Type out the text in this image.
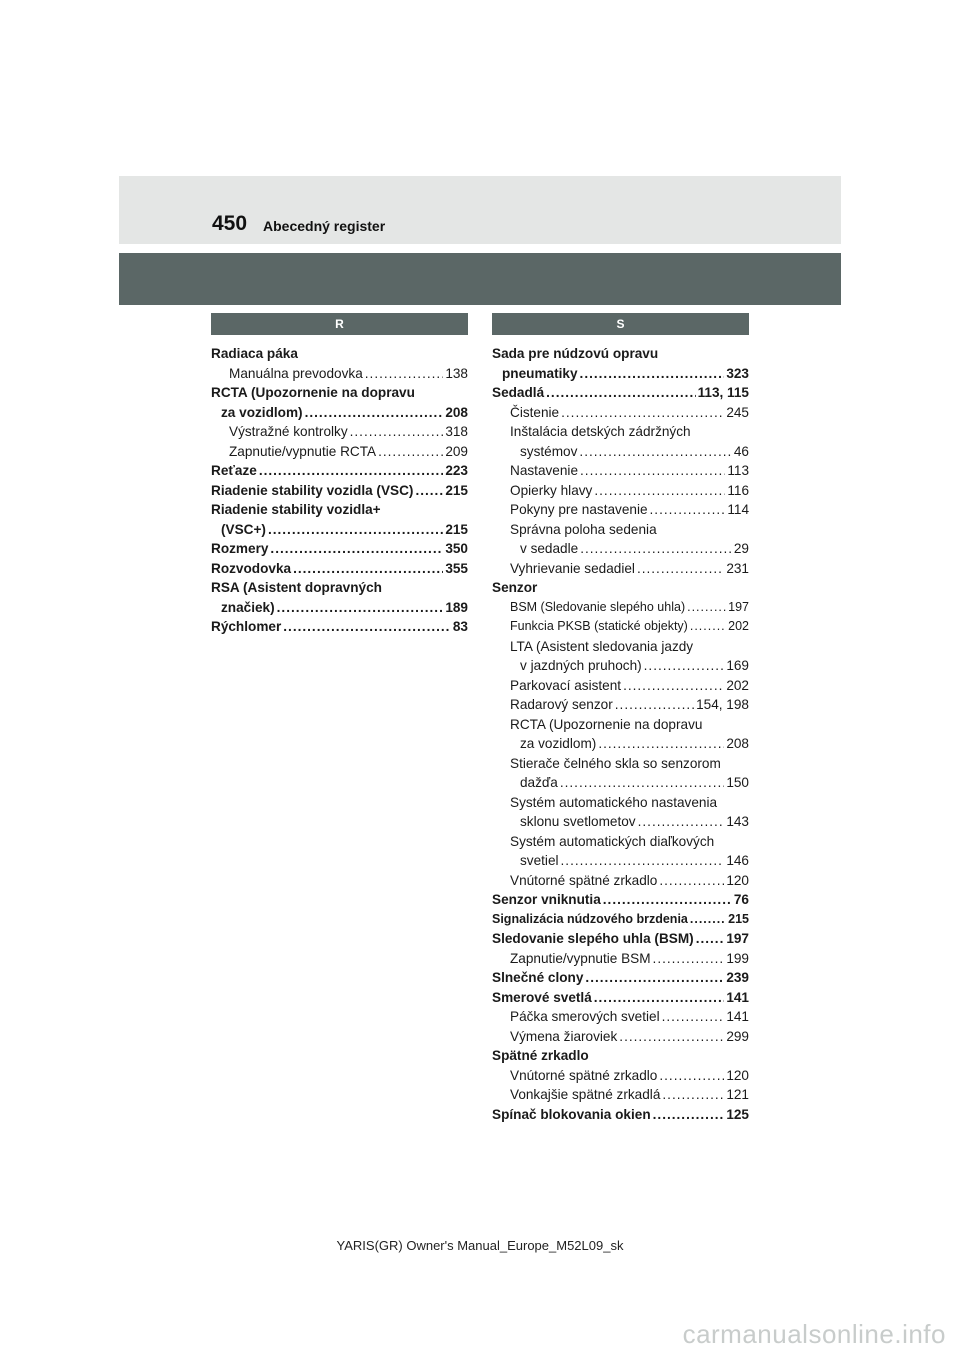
450 Abecedný register
R
Radiaca páka
Manuálna prevodovka .....	138
RCTA (Upozornenie na dopravu
za vozidlom) .....	208
Výstražné kontrolky .....	318
Zapnutie/vypnutie RCTA .....	209
Reťaze .....	223
Riadenie stability vozidla (VSC) ..... 215
Riadenie stability vozidla+
(VSC+) .....	215
Rozmery .....	350
Rozvodovka .....	355
RSA (Asistent dopravných
značiek) .....	189
Rýchlomer .....	83
S
Sada pre núdzovú opravu
pneumatiky .....	323
Sedadlá .....	113, 115
Čistenie .....	245
Inštalácia detských zádržných
systémov .....	46
Nastavenie .....	113
Opierky hlavy .....	116
Pokyny pre nastavenie .....	114
Správna poloha sedenia
v sedadle .....	29
Vyhrievanie sedadiel .....	231
Senzor
BSM (Sledovanie slepého uhla) .....	197
Funkcia PKSB (statické objekty) .....	202
LTA (Asistent sledovania jazdy
v jazdných pruhoch) .....	169
Parkovací asistent .....	202
Radarový senzor .....	154, 198
RCTA (Upozornenie na dopravu
za vozidlom) .....	208
Stierače čelného skla so senzorom
dažďa .....	150
Systém automatického nastavenia
sklonu svetlometov .....	143
Systém automatických diaľkových
svetiel .....	146
Vnútorné spätné zrkadlo .....	120
Senzor vniknutia .....	76
Signalizácia núdzového brzdenia .....	215
Sledovanie slepého uhla (BSM) ..... 197
Zapnutie/vypnutie BSM .....	199
Slnečné clony .....	239
Smerové svetlá .....	141
Páčka smerových svetiel .....	141
Výmena žiaroviek .....	299
Spätné zrkadlo
Vnútorné spätné zrkadlo .....	120
Vonkajšie spätné zrkadlá .....	121
Spínač blokovania okien .....	125
YARIS(GR) Owner's Manual_Europe_M52L09_sk
carmanualsonline.info
